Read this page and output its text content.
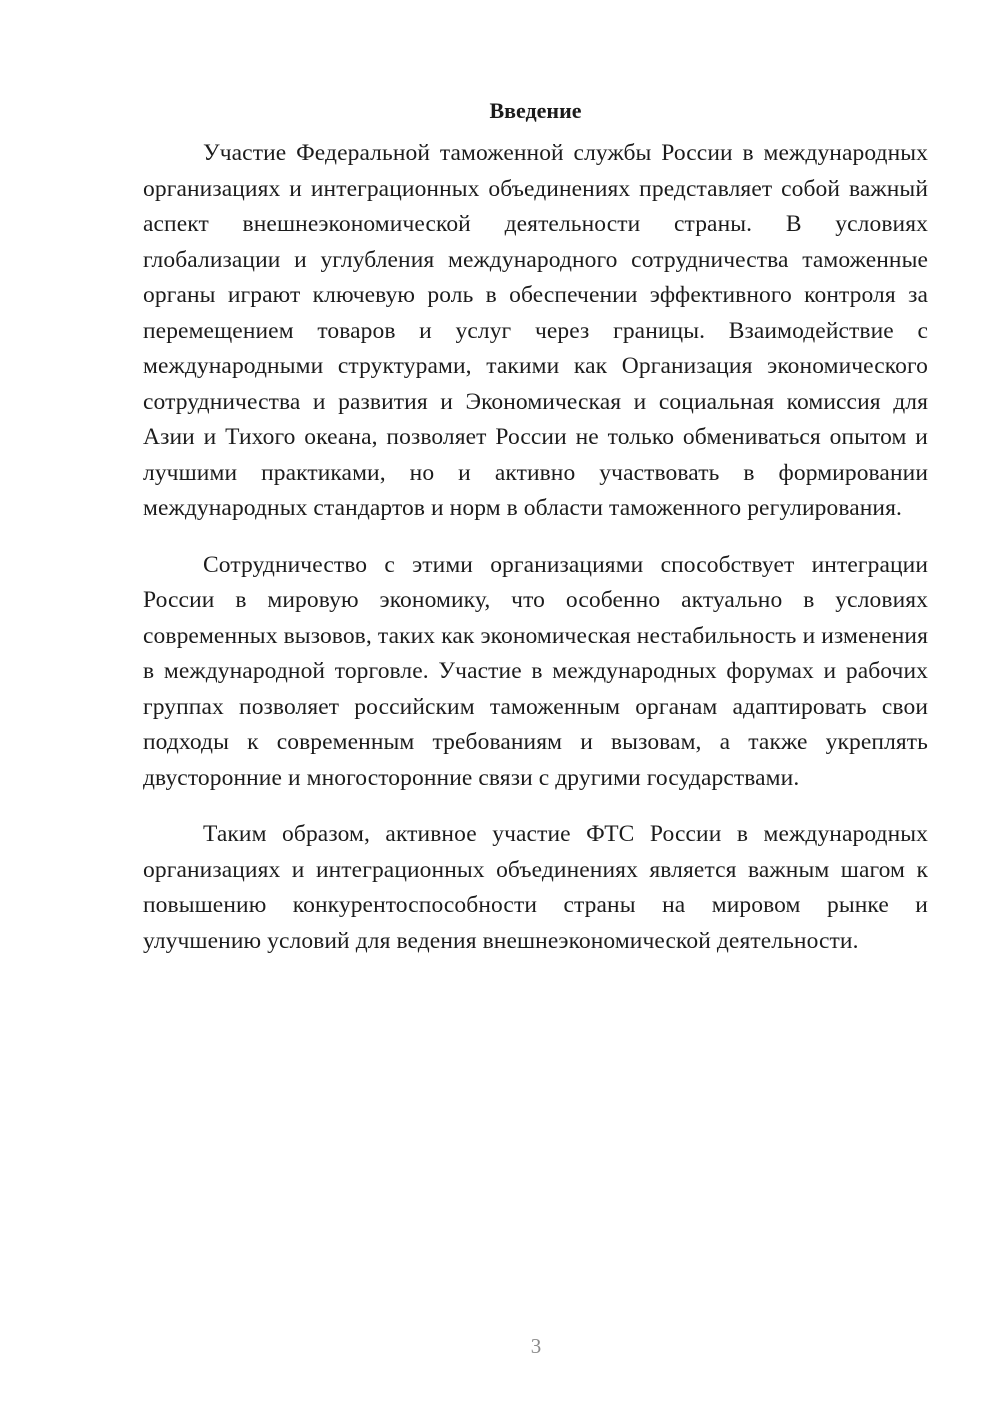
Введение

Участие Федеральной таможенной службы России в международных организациях и интеграционных объединениях представляет собой важный аспект внешнеэкономической деятельности страны. В условиях глобализации и углубления международного сотрудничества таможенные органы играют ключевую роль в обеспечении эффективного контроля за перемещением товаров и услуг через границы. Взаимодействие с международными структурами, такими как Организация экономического сотрудничества и развития и Экономическая и социальная комиссия для Азии и Тихого океана, позволяет России не только обмениваться опытом и лучшими практиками, но и активно участвовать в формировании международных стандартов и норм в области таможенного регулирования.

Сотрудничество с этими организациями способствует интеграции России в мировую экономику, что особенно актуально в условиях современных вызовов, таких как экономическая нестабильность и изменения в международной торговле. Участие в международных форумах и рабочих группах позволяет российским таможенным органам адаптировать свои подходы к современным требованиям и вызовам, а также укреплять двусторонние и многосторонние связи с другими государствами.

Таким образом, активное участие ФТС России в международных организациях и интеграционных объединениях является важным шагом к повышению конкурентоспособности страны на мировом рынке и улучшению условий для ведения внешнеэкономической деятельности.

3
